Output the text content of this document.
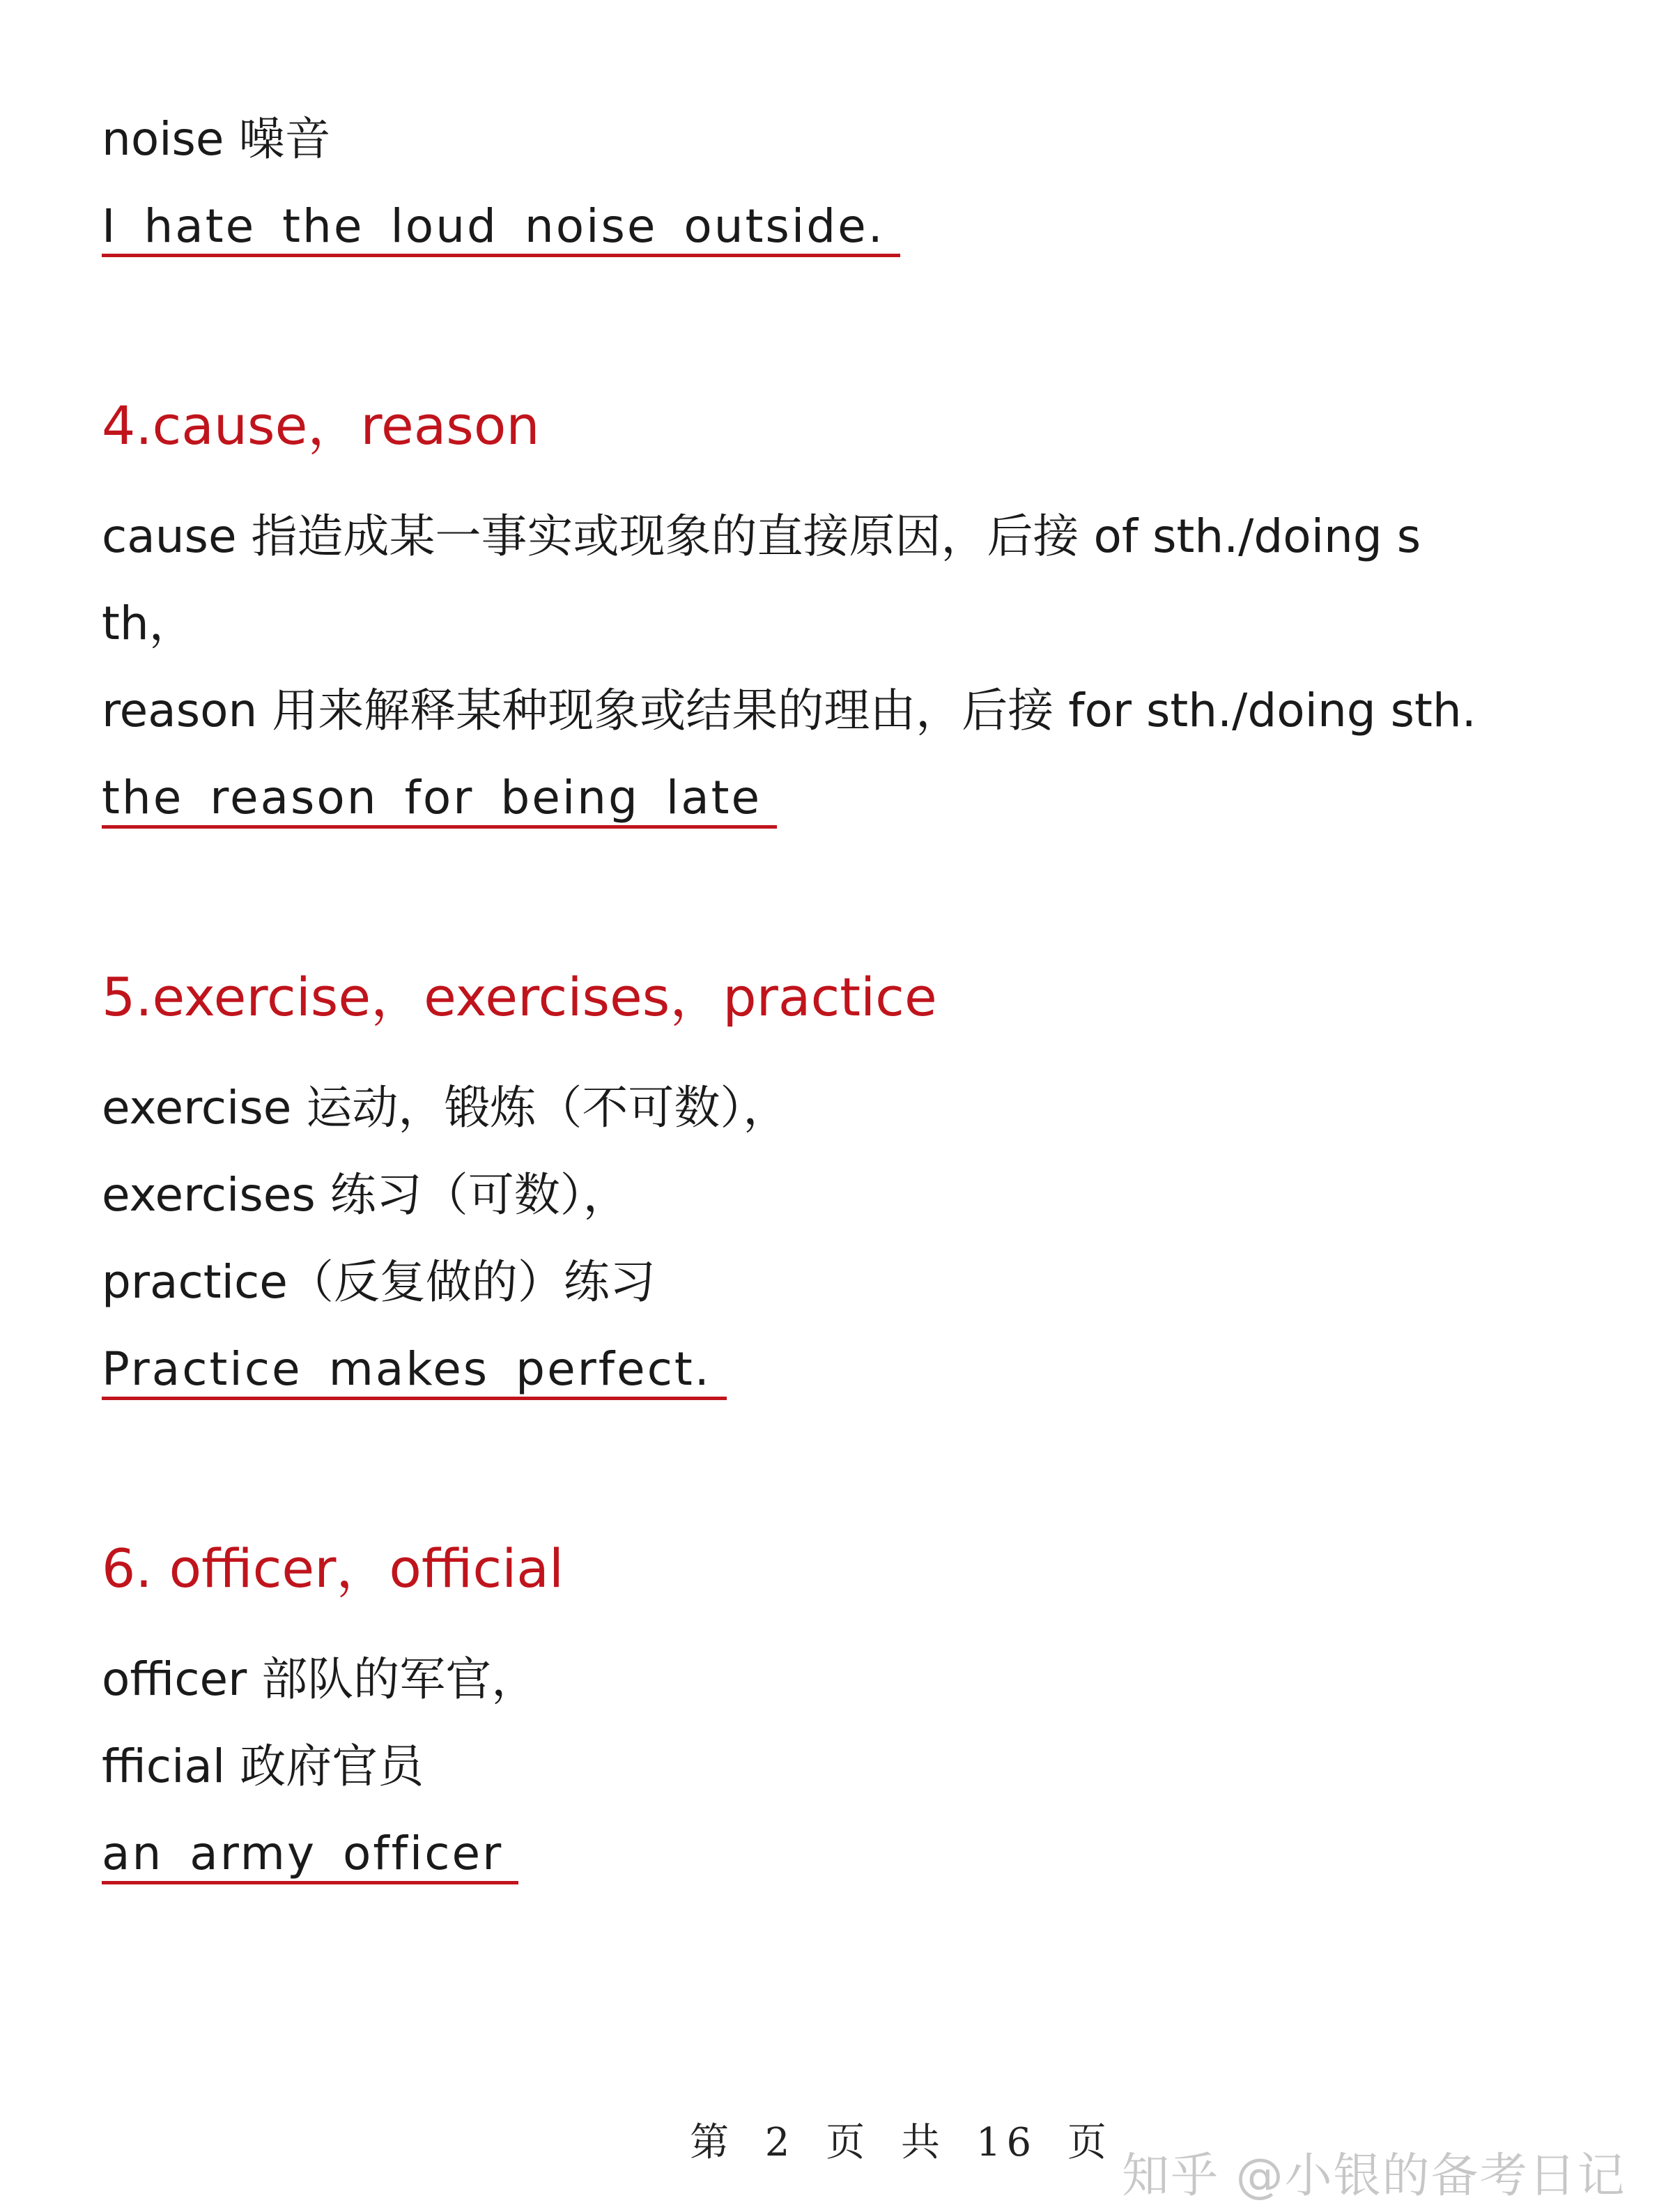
noise 噪音
I hate the loud noise outside.
4.cause，reason
cause 指造成某一事实或现象的直接原因，后接 of sth./doing s
th，
reason 用来解释某种现象或结果的理由，后接 for sth./doing sth.
the reason for being late
5.exercise，exercises，practice
exercise 运动，锻炼（不可数），
exercises 练习（可数），
practice（反复做的）练习
Practice makes perfect.
6. officer，official
officer 部队的军官，
fficial 政府官员
an army officer
第 2 页 共 16 页
知乎 @小银的备考日记
